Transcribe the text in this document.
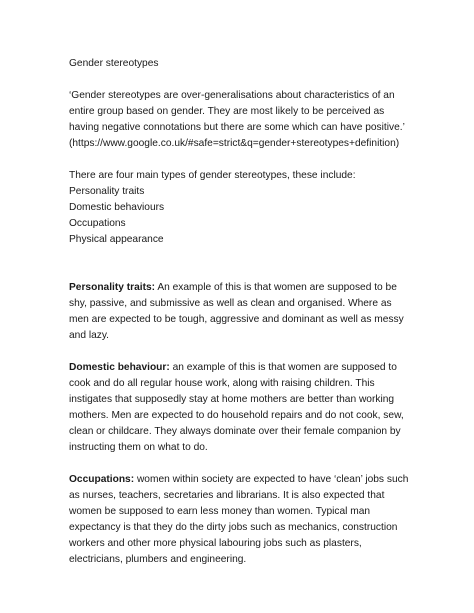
Gender stereotypes

‘Gender stereotypes are over-generalisations about characteristics of an entire group based on gender. They are most likely to be perceived as having negative connotations but there are some which can have positive.’

(https://www.google.co.uk/#safe=strict&q=gender+stereotypes+definition)

There are four main types of gender stereotypes, these include:

Personality traits
Domestic behaviours
Occupations
Physical appearance

Personality traits: An example of this is that women are supposed to be shy, passive, and submissive as well as clean and organised. Where as men are expected to be tough, aggressive and dominant as well as messy and lazy.

Domestic behaviour: an example of this is that women are supposed to cook and do all regular house work, along with raising children. This instigates that supposedly stay at home mothers are better than working mothers. Men are expected to do household repairs and do not cook, sew, clean or childcare. They always dominate over their female companion by instructing them on what to do.

Occupations: women within society are expected to have ‘clean’ jobs such as nurses, teachers, secretaries and librarians. It is also expected that women be supposed to earn less money than women. Typical man expectancy is that they do the dirty jobs such as mechanics, construction workers and other more physical labouring jobs such as plasters, electricians, plumbers and engineering.
